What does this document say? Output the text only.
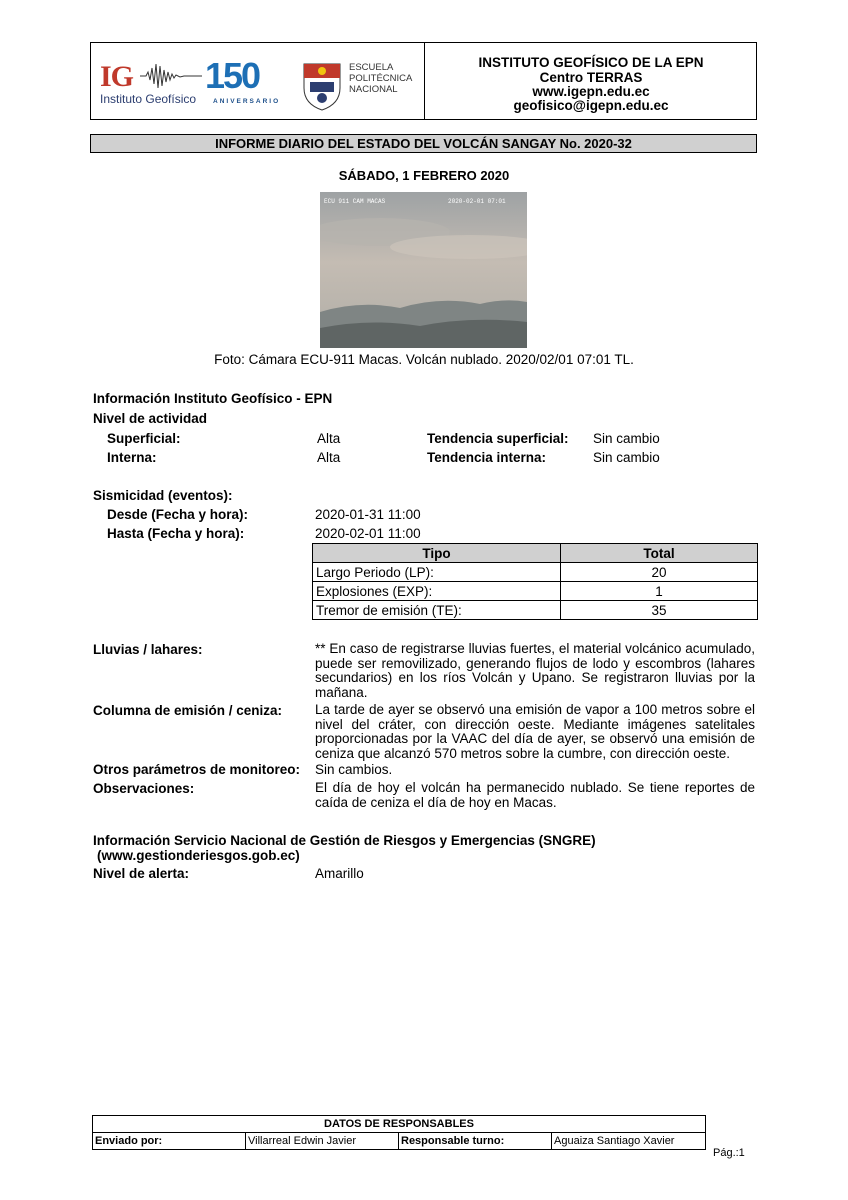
IG
Instituto Geofísico
150
ANIVERSARIO
ESCUELA
POLITÉCNICA
NACIONAL
INSTITUTO GEOFÍSICO DE LA EPN
Centro TERRAS
www.igepn.edu.ec
geofisico@igepn.edu.ec
INFORME DIARIO DEL ESTADO DEL VOLCÁN SANGAY No. 2020-32
SÁBADO, 1 FEBRERO 2020
ECU 911 CAM MACAS	2020-02-01 07:01
Foto: Cámara ECU-911 Macas. Volcán nublado. 2020/02/01 07:01 TL.
Información Instituto Geofísico - EPN
Nivel de actividad
Superficial:	Alta	Tendencia superficial: Sin cambio
Interna:	Alta	Tendencia interna:	Sin cambio
Sismicidad (eventos):
Desde (Fecha y hora):	2020-01-31 11:00
Hasta (Fecha y hora):	2020-02-01 11:00
Tipo	Total
Largo Periodo (LP):	20
Explosiones (EXP):	1
Tremor de emisión (TE):	35
Lluvias / lahares:	** En caso de registrarse lluvias fuertes, el material volcánico acumulado, puede ser removilizado, generando flujos de lodo y escombros (lahares secundarios) en los ríos Volcán y Upano. Se registraron lluvias por la mañana.
Columna de emisión / ceniza: La tarde de ayer se observó una emisión de vapor a 100 metros sobre el nivel del cráter, con dirección oeste. Mediante imágenes satelitales proporcionadas por la VAAC del día de ayer, se observó una emisión de ceniza que alcanzó 570 metros sobre la cumbre, con dirección oeste.
Otros parámetros de monitoreo: Sin cambios.
Observaciones:	El día de hoy el volcán ha permanecido nublado. Se tiene reportes de caída de ceniza el día de hoy en Macas.
Información Servicio Nacional de Gestión de Riesgos y Emergencias (SNGRE)
(www.gestionderiesgos.gob.ec)
Nivel de alerta:	Amarillo
DATOS DE RESPONSABLES
Enviado por:	Villarreal Edwin Javier	Responsable turno:	Aguaiza Santiago Xavier
Pág.:1
